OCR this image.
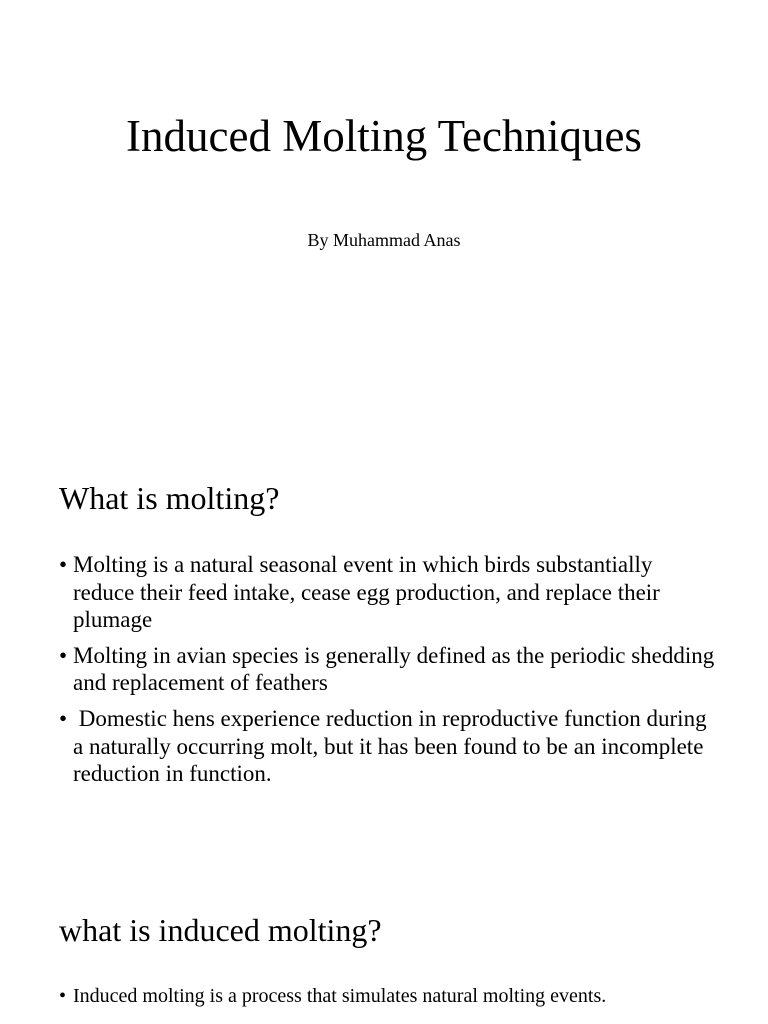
Induced Molting Techniques

By Muhammad Anas

What is molting?
• Molting is a natural seasonal event in which birds substantially reduce their feed intake, cease egg production, and replace their plumage
• Molting in avian species is generally defined as the periodic shedding and replacement of feathers
• Domestic hens experience reduction in reproductive function during a naturally occurring molt, but it has been found to be an incomplete reduction in function.
what is induced molting?
• Induced molting is a process that simulates natural molting events.
